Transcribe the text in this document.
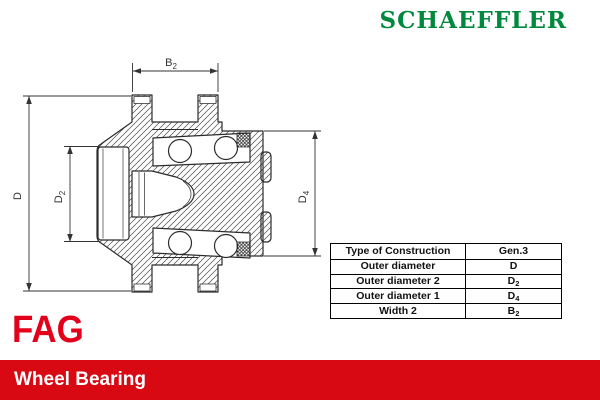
SCHAEFFLER
$B_2$
D	$D_2$
$D_4$
Type of Construction	Gen.3
Outer diameter	D
Outer diameter 2	D 2
Outer diameter 1	D 4
Width 2	B 2
FAG
Wheel Bearing
